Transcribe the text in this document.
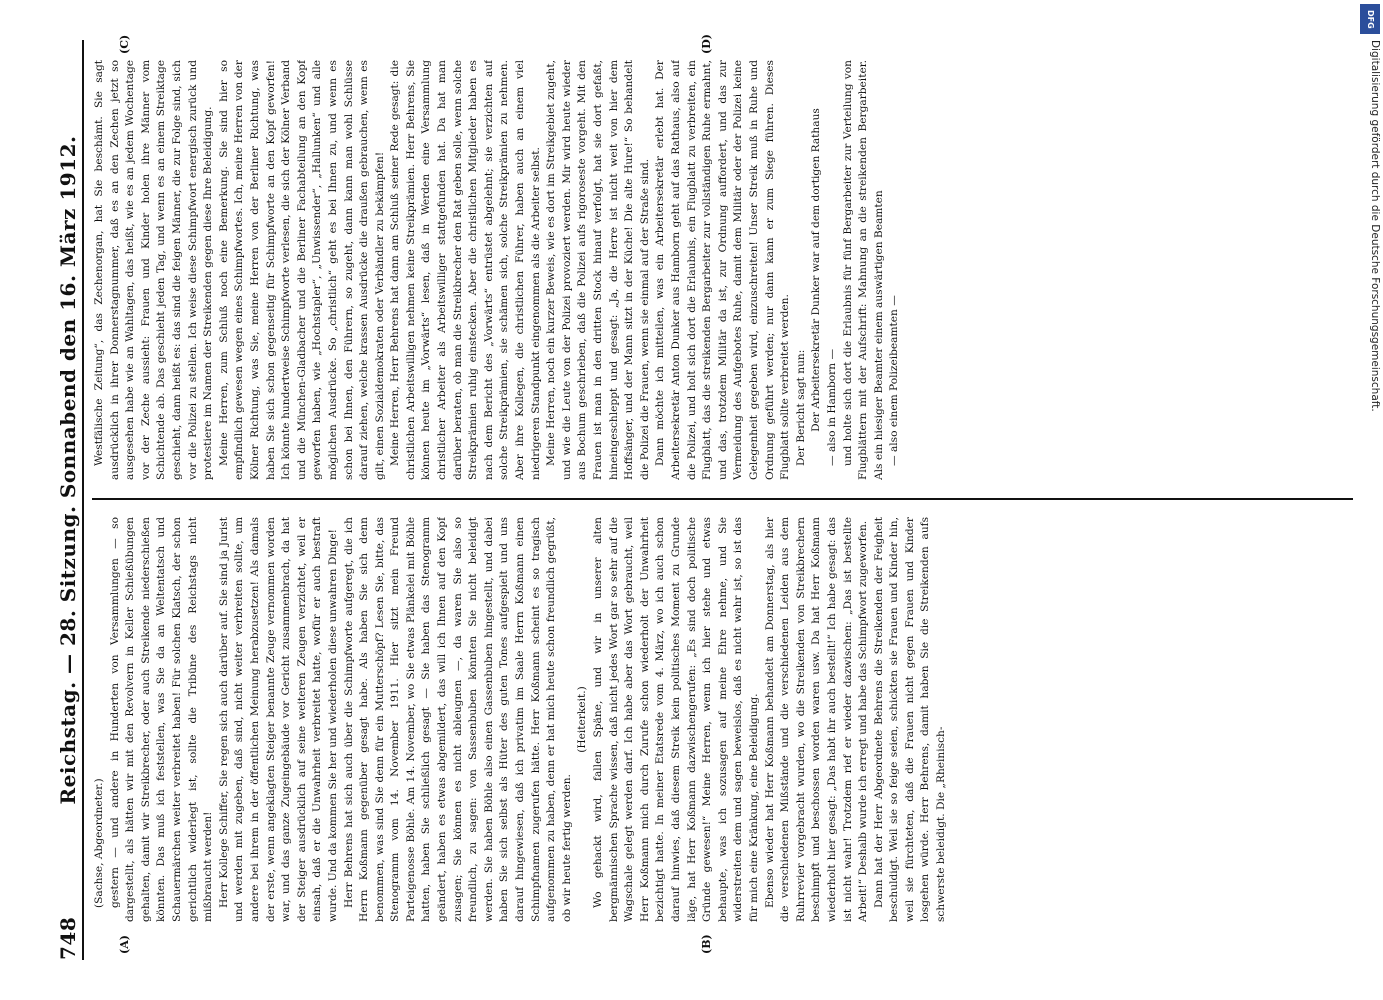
748
Reichstag. — 28. Sitzung. Sonnabend den 16. März 1912.
(A)	(B)
(C)	(D)

(Sachse, Abgeordneter.) gestern — und andere in Hunderten von Versammlungen — so dargestellt, als hätten wir mit den Revolvern in Keller Schießübungen gehalten, damit wir Streikbrecher, oder auch Streikende niederschießen könnten. Das muß ich feststellen, was Sie da an Weltentatsch und Schauermärchen weiter verbreitet haben! Für solchen Klatsch, der schon gerichtlich widerlegt ist, sollte die Tribüne des Reichstags nicht mißbraucht werden! Herr Kollege Schiffer, Sie regen sich auch darüber auf. Sie sind ja Jurist und werden mit zugeben, daß sind, nicht weiter verbreiten sollte, um andere bei ihrem in der öffentlichen Meinung herabzusetzen! Als damals der erste, wenn angeklagten Steiger benannte Zeuge vernommen worden war, und das ganze Zugeingebäude vor Gericht zusammenbrach, da hat der Steiger ausdrücklich auf seine weiteren Zeugen verzichtet, weil er einsah, daß er die Unwahrheit verbreitet hatte, wofür er auch bestraft wurde. Und da kommen Sie her und wiederholen diese unwahren Dinge! Herr Behrens hat sich auch über die Schimpfworte aufgeregt, die ich Herrn Koßmann gegenüber gesagt habe. Als haben Sie sich denn benommen, was sind Sie denn für ein Mutterschöpf? Lesen Sie, bitte, das Stenogramm vom 14. November 1911. Hier sitzt mein Freund Parteigenosse Böhle. Am 14. November, wo Sie etwas Plänkelei mit Böhle hatten, haben Sie schließlich gesagt — Sie haben das Stenogramm geändert, haben es etwas abgemildert, das will ich Ihnen auf den Kopf zusagen; Sie können es nicht ableugnen —, da waren Sie also so freundlich, zu sagen: von Sassenbuben könnten Sie nicht beleidigt werden. Sie haben Böhle also einen Gassenbuben hingestellt, und dabei haben Sie sich selbst als Hüter des guten Tones aufgespielt und uns darauf hingewiesen, daß ich privatim im Saale Herrn Koßmann einen Schimpfnamen zugerufen hätte. Herr Koßmann scheint es so tragisch aufgenommen zu haben, denn er hat mich heute schon freundlich gegrüßt, ob wir heute fertig werden.

(Heiterkeit.) Wo gehackt wird, fallen Späne, und wir in unserer alten bergmännischen Sprache wissen, daß nicht jedes Wort gar so sehr auf die Wagschale gelegt werden darf. Ich habe aber das Wort gebraucht, weil Herr Koßmann mich durch Zurufe schon wiederholt der Unwahrheit bezichtigt hatte. In meiner Etatsrede vom 4. März, wo ich auch schon darauf hinwies, daß diesem Streik kein politisches Moment zu Grunde läge, hat Herr Koßmann dazwischengerufen: „Es sind doch politische Gründe gewesen!“ Meine Herren, wenn ich hier stehe und etwas behaupte, was ich sozusagen auf meine Ehre nehme, und Sie widerstreiten dem und sagen beweislos, daß es nicht wahr ist, so ist das für mich eine Kränkung, eine Beleidigung. Ebenso wieder hat Herr Koßmann behandelt am Donnerstag, als hier die verschiedenen Mißstände und die verschiedenen Leiden aus dem Ruhrrevier vorgebracht wurden, wo die Streikenden von Streikbrechern beschimpft und beschossen worden waren usw. Da hat Herr Koßmann wiederholt hier gesagt: „Das habt ihr auch bestellt!“ Ich habe gesagt: das ist nicht wahr! Trotzdem rief er wieder dazwischen: „Das ist bestellte Arbeit!“ Deshalb wurde ich erregt und habe das Schimpfwort zugeworfen. Dann hat der Herr Abgeordnete Behrens die Streikenden der Feigheit beschuldigt. Weil sie so feige seien, schickten sie Frauen und Kinder hin, weil sie fürchteten, daß die Frauen nicht gegen Frauen und Kinder losgehen würde. Herr Behrens, damit haben Sie die Streikenden aufs schwerste beleidigt. Die „Rheinisch-

Westfälische Zeitung“, das Zechenorgan, hat Sie beschämt. Sie sagt ausdrücklich in ihrer Donnerstagnummer, daß es an den Zechen jetzt so ausgesehen habe wie an Wahltagen, das heißt, wie es an jedem Wochentage vor der Zeche aussieht: Frauen und Kinder holen ihre Männer vom Schichtende ab. Das geschieht jeden Tag, und wenn es an einem Streiktage geschieht, dann heißt es: das sind die feigen Männer, die zur Folge sind, sich vor die Polizei zu stellen. Ich weise diese Schimpfwort energisch zurück und protestiere im Namen der Streikenden gegen diese Ihre Beleidigung. Meine Herren, zum Schluß noch eine Bemerkung. Sie sind hier so empfindlich gewesen wegen eines Schimpfwortes. Ich, meine Herren von der Kölner Richtung, was Sie, meine Herren von der Berliner Richtung, was haben Sie sich schon gegenseitig für Schimpfworte an den Kopf geworfen! Ich könnte hundertweise Schimpfworte verlesen, die sich der Kölner Verband und die München-Gladbacher und die Berliner Fachabteilung an den Kopf geworfen haben, wie „Hochstapler“, „Unwissender“, „Hallunken“ und alle möglichen Ausdrücke. So „christlich“ geht es bei Ihnen zu, und wenn es schon bei Ihnen, den Führern, so zugeht, dann kann man wohl Schlüsse darauf ziehen, welche krassen Ausdrücke die draußen gebrauchen, wenn es gilt, einen Sozialdemokraten oder Verbändler zu bekämpfen! Meine Herren, Herr Behrens hat dann am Schluß seiner Rede gesagt: die christlichen Arbeitswilligen nehmen keine Streikprämien. Herr Behrens, Sie können heute im „Vorwärts“ lesen, daß in Werden eine Versammlung christlicher Arbeiter als Arbeitswilliger stattgefunden hat. Da hat man darüber beraten, ob man die Streikbrecher den Rat geben solle, wenn solche Streikprämien ruhig einstecken. Aber die christlichen Mitglieder haben es nach dem Bericht des „Vorwärts“ entrüstet abgelehnt; sie verzichten auf solche Streikprämien, sie schämen sich, solche Streikprämien zu nehmen. Aber ihre Kollegen, die christlichen Führer, haben auch an einem viel niedrigeren Standpunkt eingenommen als die Arbeiter selbst. Meine Herren, noch ein kurzer Beweis, wie es dort im Streikgebiet zugeht, und wie die Leute von der Polizei provoziert werden. Mir wird heute wieder aus Bochum geschrieben, daß die Polizei aufs rigoroseste vorgeht. Mit den Frauen ist man in den dritten Stock hinauf verfolgt, hat sie dort gefaßt, hineingeschleppt und gesagt: „Ja, die Herre ist nicht weit von hier dem Hoffsänger, und der Mann sitzt in der Küche! Die alte Hure!“ So behandelt die Polizei die Frauen, wenn sie einmal auf der Straße sind. Dann möchte ich mitteilen, was ein Arbeitersekretär erlebt hat. Der Arbeitersekretär Anton Dunker aus Hamborn geht auf das Rathaus, also auf die Polizei, und holt sich dort die Erlaubnis, ein Flugblatt zu verbreiten, ein Flugblatt, das die streikenden Bergarbeiter zur vollständigen Ruhe ermahnt, und das, trotzdem Militär da ist, zur Ordnung auffordert, und das zur Vermeidung des Aufgebotes Ruhe, damit dem Militär oder der Polizei keine Gelegenheit gegeben wird, einzuschreiten! Unser Streik muß in Ruhe und Ordnung geführt werden; nur dann kann er zum Siege führen. Dieses Flugblatt sollte verbreitet werden. Der Bericht sagt nun: Der Arbeitersekretär Dunker war auf dem dortigen Rathaus — also in Hamborn — und holte sich dort die Erlaubnis für fünf Bergarbeiter zur Verteilung von Flugblättern mit der Aufschrift: Mahnung an die streikenden Bergarbeiter. Als ein hiesiger Beamter einem auswärtigen Beamten — also einem Polizeibeamten —

DFG
Digitalisierung gefördert durch die Deutsche Forschungsgemeinschaft.
